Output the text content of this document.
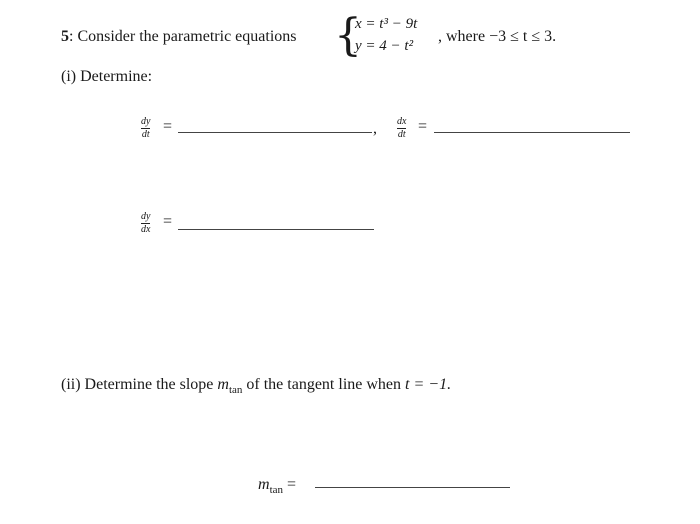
5: Consider the parametric equations {
x = t³ − 9t
y = 4 − t²
, where −3 ≤ t ≤ 3.
(i) Determine:
dy
dt =	, dx
dt =
dy
dx =
(ii) Determine the slope $m_{tan}$ of the tangent line when t = −1.
$m_{tan}$ =
